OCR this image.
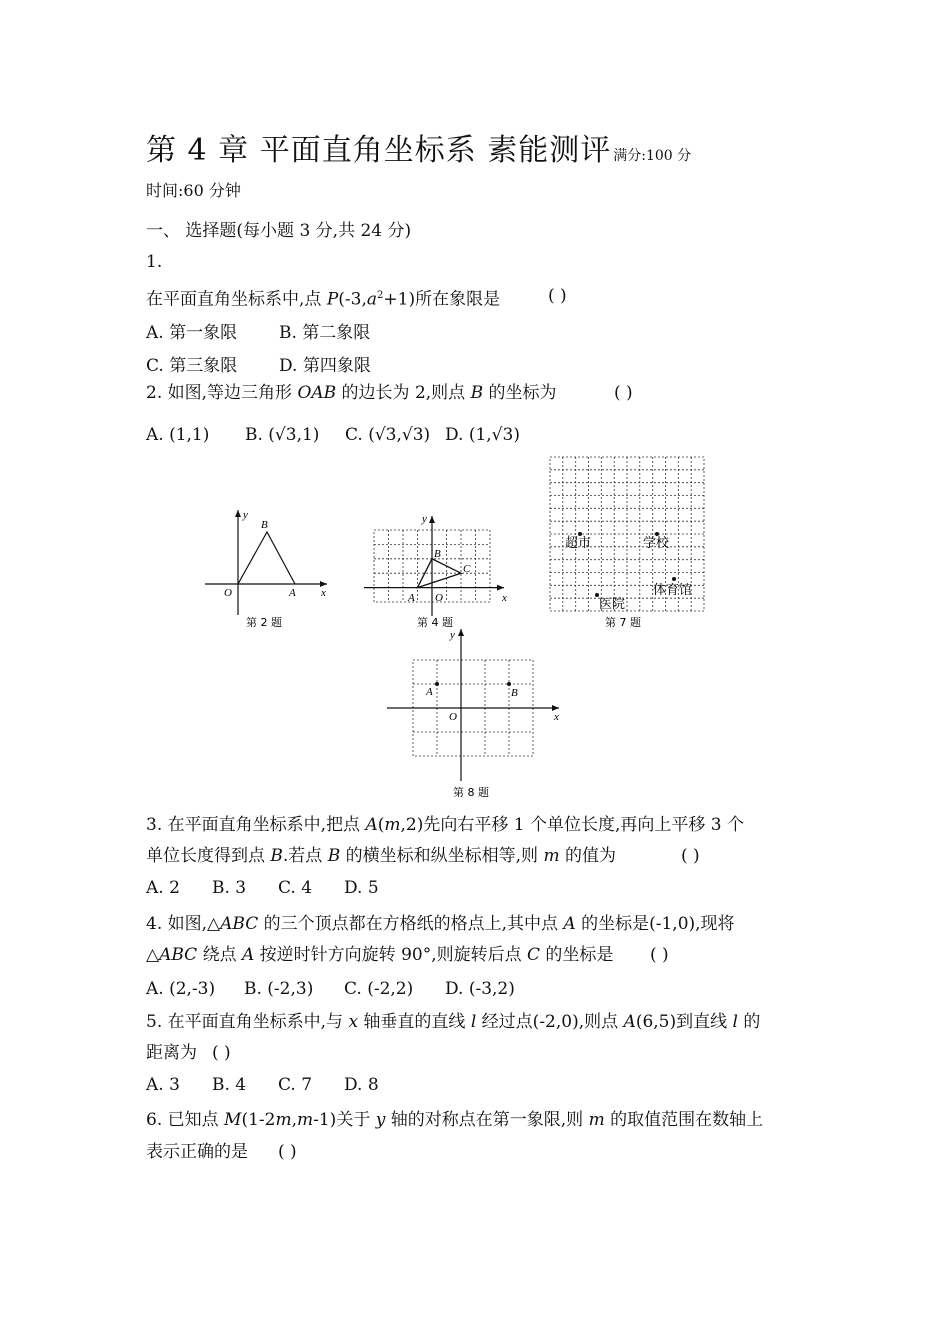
第 4 章 平面直角坐标系 素能测评 满分:100 分
时间:60 分钟
一、 选择题(每小题 3 分,共 24 分)
1.
在平面直角坐标系中,点 $P(-3,a^2+1)$所在象限是	( )
A. 第一象限 B. 第二象限
C. 第三象限 D. 第四象限
2. 如图,等边三角形 OAB 的边长为 2,则点 B 的坐标为	( )
A. (1,1) B. (√3,1) C. (√3,√3) D. (1,√3)
y
x
O	A
B
第 2 题
y
x
O
A
B
C
第 4 题
超市	学校
体育馆
医院
第 7 题
y
x
O
A	B
第 8 题
3. 在平面直角坐标系中,把点 A(m,2)先向右平移 1 个单位长度,再向上平移 3 个
单位长度得到点 B.若点 B 的横坐标和纵坐标相等,则 m 的值为	( )
A. 2 B. 3 C. 4 D. 5
4. 如图,△ABC 的三个顶点都在方格纸的格点上,其中点 A 的坐标是(-1,0),现将
△ABC 绕点 A 按逆时针方向旋转 90°,则旋转后点 C 的坐标是 ( )
A. (2,-3) B. (-2,3) C. (-2,2) D. (-3,2)
5. 在平面直角坐标系中,与 x 轴垂直的直线 l 经过点(-2,0),则点 A(6,5)到直线 l 的
距离为 ( )
A. 3 B. 4 C. 7 D. 8
6. 已知点 M(1-2m,m-1)关于 y 轴的对称点在第一象限,则 m 的取值范围在数轴上
表示正确的是 ( )
